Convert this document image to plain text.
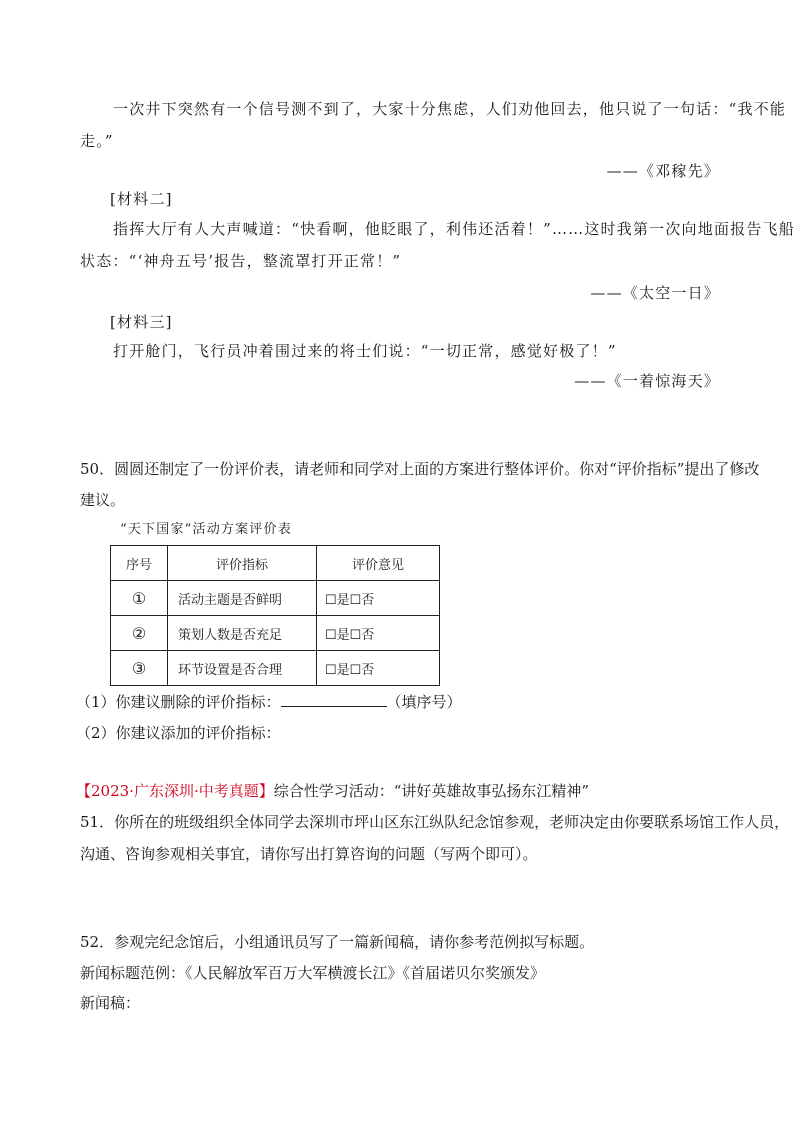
一次井下突然有一个信号测不到了，大家十分焦虑，人们劝他回去，他只说了一句话：“我不能
走。”
——《邓稼先》
[材料二]
指挥大厅有人大声喊道：“快看啊，他眨眼了，利伟还活着！”……这时我第一次向地面报告飞船
状态：“‘神舟五号’报告，整流罩打开正常！”
——《太空一日》
[材料三]
打开舱门，飞行员冲着围过来的将士们说：“一切正常，感觉好极了！”
——《一着惊海天》
50．圆圆还制定了一份评价表，请老师和同学对上面的方案进行整体评价。你对“评价指标”提出了修改
建议。
“天下国家”活动方案评价表
序号	评价指标	评价意见
①	活动主题是否鲜明	☐是☐否
②	策划人数是否充足	☐是☐否
③	环节设置是否合理	☐是☐否
（1）你建议删除的评价指标：	（填序号）
（2）你建议添加的评价指标：
【2023·广东深圳·中考真题】综合性学习活动：“讲好英雄故事弘扬东江精神”
51．你所在的班级组织全体同学去深圳市坪山区东江纵队纪念馆参观，老师决定由你要联系场馆工作人员，
沟通、咨询参观相关事宜，请你写出打算咨询的问题（写两个即可）。
52．参观完纪念馆后，小组通讯员写了一篇新闻稿，请你参考范例拟写标题。
新闻标题范例：《人民解放军百万大军横渡长江》《首届诺贝尔奖颁发》
新闻稿：
